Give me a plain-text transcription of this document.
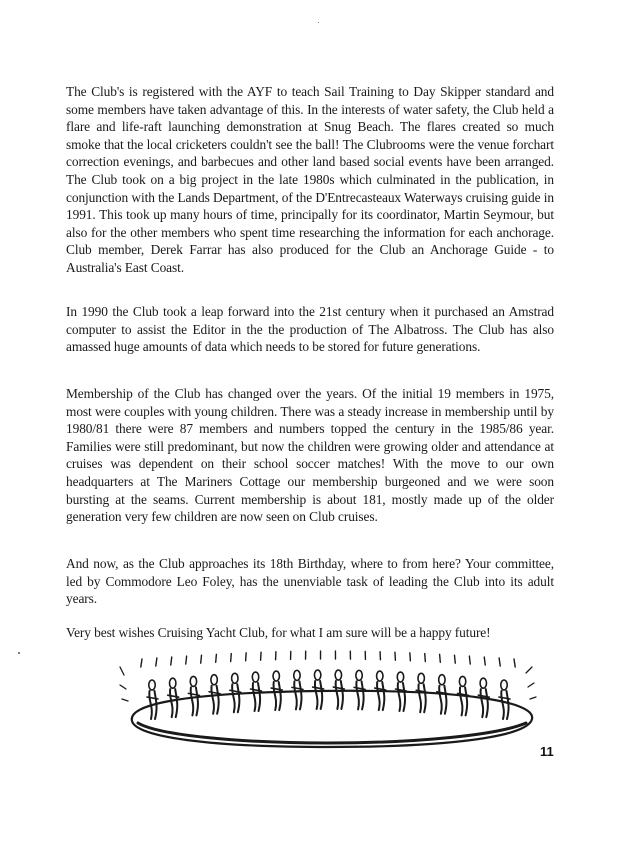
The Club's is registered with the AYF to teach Sail Training to Day Skipper standard and some members have taken advantage of this. In the interests of water safety, the Club held a flare and life-raft launching demonstration at Snug Beach. The flares created so much smoke that the local cricketers couldn't see the ball! The Clubrooms were the venue forchart correction evenings, and barbecues and other land based social events have been arranged. The Club took on a big project in the late 1980s which culminated in the publication, in conjunction with the Lands Department, of the D'Entrecasteaux Waterways cruising guide in 1991. This took up many hours of time, principally for its coordinator, Martin Seymour, but also for the other members who spent time researching the information for each anchorage. Club member, Derek Farrar has also produced for the Club an Anchorage Guide - to Australia's East Coast.

In 1990 the Club took a leap forward into the 21st century when it purchased an Amstrad computer to assist the Editor in the the production of The Albatross. The Club has also amassed huge amounts of data which needs to be stored for future generations.

Membership of the Club has changed over the years. Of the initial 19 members in 1975, most were couples with young children. There was a steady increase in membership until by 1980/81 there were 87 members and numbers topped the century in the 1985/86 year. Families were still predominant, but now the children were growing older and attendance at cruises was dependent on their school soccer matches! With the move to our own headquarters at The Mariners Cottage our membership burgeoned and we were soon bursting at the seams. Current membership is about 181, mostly made up of the older generation very few children are now seen on Club cruises.

And now, as the Club approaches its 18th Birthday, where to from here? Your committee, led by Commodore Leo Foley, has the unenviable task of leading the Club into its adult years.

Very best wishes Cruising Yacht Club, for what I am sure will be a happy future!

11
